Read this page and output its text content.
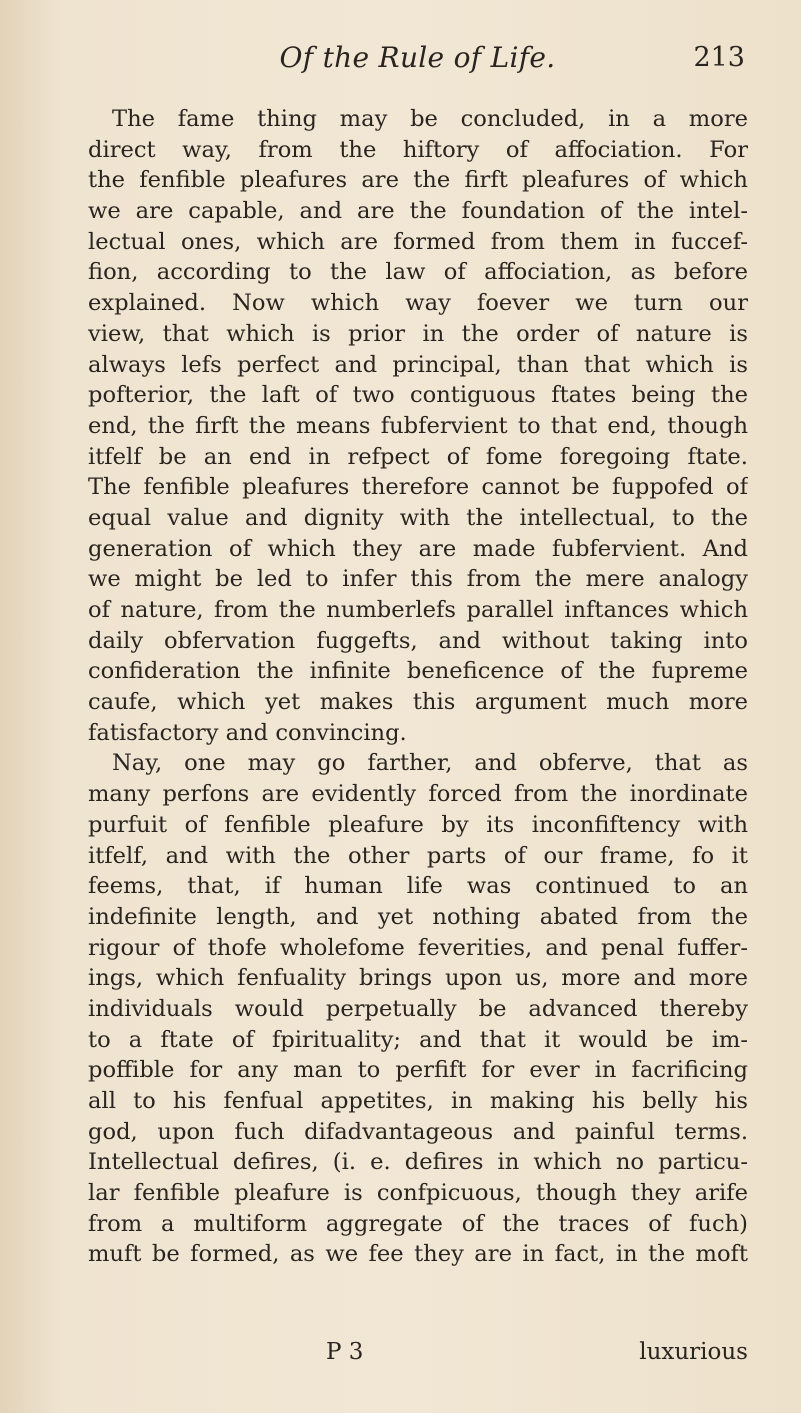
Of the Rule of Life.	213
The fame thing may be concluded, in a more
direct way, from the hiftory of affociation. For
the fenfible pleafures are the firft pleafures of which
we are capable, and are the foundation of the intel-
lectual ones, which are formed from them in fuccef-
fion, according to the law of affociation, as before
explained. Now which way foever we turn our
view, that which is prior in the order of nature is
always lefs perfect and principal, than that which is
pofterior, the laft of two contiguous ftates being the
end, the firft the means fubfervient to that end, though
itfelf be an end in refpect of fome foregoing ftate.
The fenfible pleafures therefore cannot be fuppofed of
equal value and dignity with the intellectual, to the
generation of which they are made fubfervient. And
we might be led to infer this from the mere analogy
of nature, from the numberlefs parallel inftances which
daily obfervation fuggefts, and without taking into
confideration the infinite beneficence of the fupreme
caufe, which yet makes this argument much more
fatisfactory and convincing.
Nay, one may go farther, and obferve, that as
many perfons are evidently forced from the inordinate
purfuit of fenfible pleafure by its inconfiftency with
itfelf, and with the other parts of our frame, fo it
feems, that, if human life was continued to an
indefinite length, and yet nothing abated from the
rigour of thofe wholefome feverities, and penal fuffer-
ings, which fenfuality brings upon us, more and more
individuals would perpetually be advanced thereby
to a ftate of fpirituality; and that it would be im-
poffible for any man to perfift for ever in facrificing
all to his fenfual appetites, in making his belly his
god, upon fuch difadvantageous and painful terms.
Intellectual defires, (i. e. defires in which no particu-
lar fenfible pleafure is confpicuous, though they arife
from a multiform aggregate of the traces of fuch)
muft be formed, as we fee they are in fact, in the moft
P 3	luxurious
